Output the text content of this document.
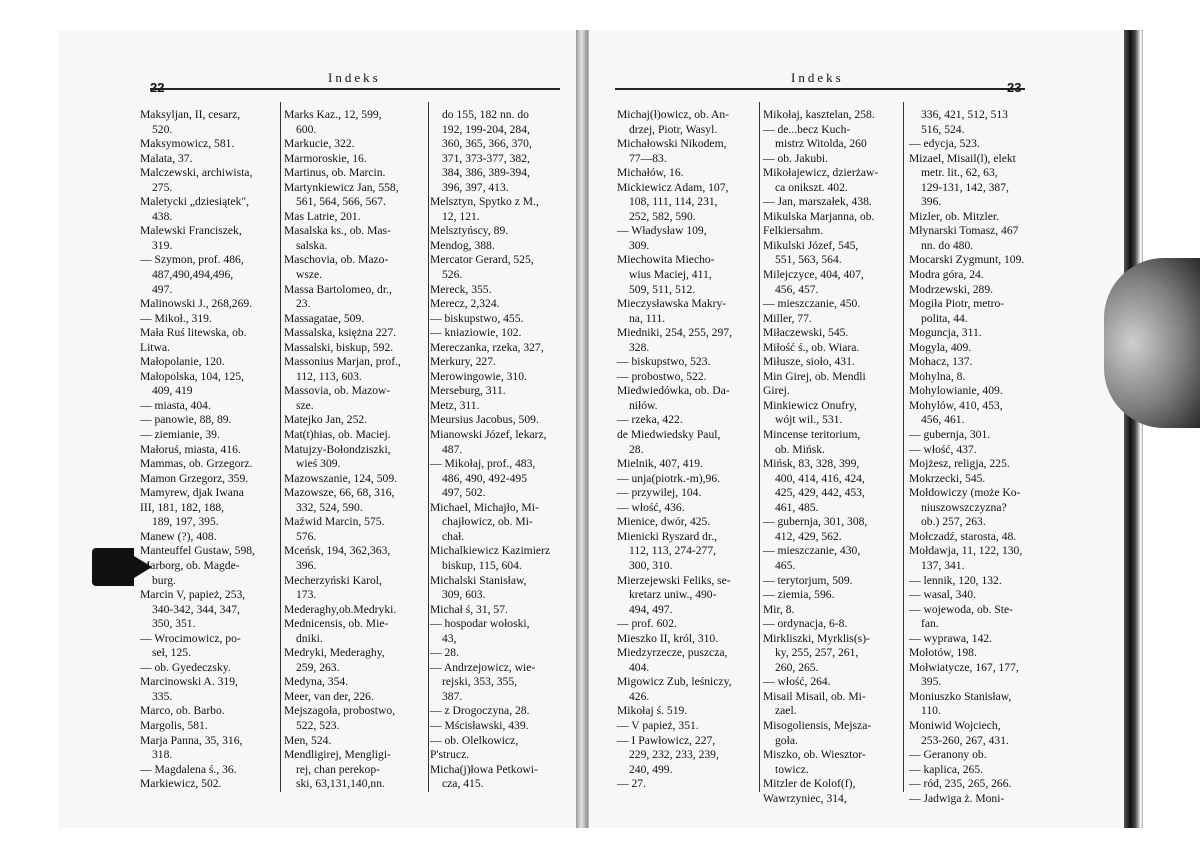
22
Indeks
Maksyljan, II, cesarz,
520.
Maksymowicz, 581.
Malata, 37.
Malczewski, archiwista,
275.
Maletycki „dziesiątek",
438.
Malewski Franciszek,
319.
— Szymon, prof. 486,
487,490,494,496,
497.
Malinowski J., 268,269.
— Mikoł., 319.
Mała Ruś litewska, ob.
Litwa.
Małopolanie, 120.
Małopolska, 104, 125,
409, 419
— miasta, 404.
— panowie, 88, 89.
— ziemianie, 39.
Małoruś, miasta, 416.
Mammas, ob. Grzegorz.
Mamon Grzegorz, 359.
Mamyrew, djak Iwana
III, 181, 182, 188,
189, 197, 395.
Manew (?), 408.
Manteuffel Gustaw, 598,
Marborg, ob. Magde-
burg.
Marcin V, papież, 253,
340-342, 344, 347,
350, 351.
— Wrocimowicz, po-
seł, 125.
— ob. Gyedeczsky.
Marcinowski A. 319,
335.
Marco, ob. Barbo.
Margolis, 581.
Marja Panna, 35, 316,
318.
— Magdalena ś., 36.
Markiewicz, 502.
Marks Kaz., 12, 599,
600.
Markucie, 322.
Marmoroskie, 16.
Martinus, ob. Marcin.
Martynkiewicz Jan, 558,
561, 564, 566, 567.
Mas Latrie, 201.
Masalska ks., ob. Mas-
salska.
Maschovia, ob. Mazo-
wsze.
Massa Bartolomeo, dr.,
23.
Massagatae, 509.
Massalska, księżna 227.
Massalski, biskup, 592.
Massonius Marjan, prof.,
112, 113, 603.
Massovia, ob. Mazow-
sze.
Matejko Jan, 252.
Mat(t)hias, ob. Maciej.
Matujzy-Bołondziszki,
wieś 309.
Mazowszanie, 124, 509.
Mazowsze, 66, 68, 316,
332, 524, 590.
Maźwid Marcin, 575.
576.
Mceńsk, 194, 362,363,
396.
Mecherzyński Karol,
173.
Mederaghy,ob.Medryki.
Mednicensis, ob. Mie-
dniki.
Medryki, Mederaghy,
259, 263.
Medyna, 354.
Meer, van der, 226.
Mejszagoła, probostwo,
522, 523.
Men, 524.
Mendligirej, Mengligi-
rej, chan perekop-
ski, 63,131,140,nn.
do 155, 182 nn. do
192, 199-204, 284,
360, 365, 366, 370,
371, 373-377, 382,
384, 386, 389-394,
396, 397, 413.
Melsztyn, Spytko z M.,
12, 121.
Melsztyńscy, 89.
Mendog, 388.
Mercator Gerard, 525,
526.
Mereck, 355.
Merecz, 2,324.
— biskupstwo, 455.
— kniaziowie, 102.
Mereczanka, rzeka, 327,
Merkury, 227.
Merowingowie, 310.
Merseburg, 311.
Metz, 311.
Meursius Jacobus, 509.
Mianowski Józef, lekarz,
487.
— Mikołaj, prof., 483,
486, 490, 492-495
497, 502.
Michael, Michajło, Mi-
chajłowicz, ob. Mi-
chał.
Michalkiewicz Kazimierz
biskup, 115, 604.
Michalski Stanisław,
309, 603.
Michał ś, 31, 57.
— hospodar wołoski,
43,
— 28.
— Andrzejowicz, wie-
rejski, 353, 355,
387.
— z Drogoczyna, 28.
— Mścisławski, 439.
— ob. Olelkowicz,
P'strucz.
Micha(j)łowa Petkowi-
cza, 415.
Indeks
23
Michaj(ł)owicz, ob. An-
drzej, Piotr, Wasyl.
Michałowski Nikodem,
77—83.
Michałów, 16.
Mickiewicz Adam, 107,
108, 111, 114, 231,
252, 582, 590.
— Władysław 109,
309.
Miechowita Miecho-
wius Maciej, 411,
509, 511, 512.
Mieczysławska Makry-
na, 111.
Miedniki, 254, 255, 297,
328.
— biskupstwo, 523.
— probostwo, 522.
Miedwiedówka, ob. Da-
niłów.
— rzeka, 422.
de Miedwiedsky Paul,
28.
Mielnik, 407, 419.
— unja(piotrk.-m),96.
— przywilej, 104.
— włość, 436.
Mienice, dwór, 425.
Mienicki Ryszard dr.,
112, 113, 274-277,
300, 310.
Mierzejewski Feliks, se-
kretarz uniw., 490-
494, 497.
— prof. 602.
Mieszko II, król, 310.
Miedzyrzecze, puszcza,
404.
Migowicz Zub, leśniczy,
426.
Mikołaj ś. 519.
— V papież, 351.
— I Pawłowicz, 227,
229, 232, 233, 239,
240, 499.
— 27.
Mikołaj, kasztelan, 258.
— de...becz Kuch-
mistrz Witolda, 260
— ob. Jakubi.
Mikołajewicz, dzierżaw-
ca onikszt. 402.
— Jan, marszałek, 438.
Mikulska Marjanna, ob.
Felkiersahm.
Mikulski Józef, 545,
551, 563, 564.
Milejczyce, 404, 407,
456, 457.
— mieszczanie, 450.
Miller, 77.
Miłaczewski, 545.
Miłość ś., ob. Wiara.
Miłusze, sioło, 431.
Min Girej, ob. Mendli
Girej.
Minkiewicz Onufry,
wójt wil., 531.
Mincense teritorium,
ob. Mińsk.
Mińsk, 83, 328, 399,
400, 414, 416, 424,
425, 429, 442, 453,
461, 485.
— gubernja, 301, 308,
412, 429, 562.
— mieszczanie, 430,
465.
— terytorjum, 509.
— ziemia, 596.
Mir, 8.
— ordynacja, 6-8.
Mirkliszki, Myrklis(s)-
ky, 255, 257, 261,
260, 265.
— włość, 264.
Misail Misail, ob. Mi-
zael.
Misogoliensis, Mejsza-
goła.
Miszko, ob. Wiesztor-
towicz.
Mitzler de Kolof(f),
Wawrzyniec, 314,
336, 421, 512, 513
516, 524.
— edycja, 523.
Mizael, Misail(l), elekt
metr. lit., 62, 63,
129-131, 142, 387,
396.
Mizler, ob. Mitzler.
Młynarski Tomasz, 467
nn. do 480.
Mocarski Zygmunt, 109.
Modra góra, 24.
Modrzewski, 289.
Mogiła Piotr, metro-
polita, 44.
Moguncja, 311.
Mogyla, 409.
Mohacz, 137.
Mohylna, 8.
Mohylowianie, 409.
Mohylów, 410, 453,
456, 461.
— gubernja, 301.
— włość, 437.
Mojżesz, religja, 225.
Mokrzecki, 545.
Mołdowiczy (może Ko-
niuszowszczyzna?
ob.) 257, 263.
Mołczadź, starosta, 48.
Mołdawja, 11, 122, 130,
137, 341.
— lennik, 120, 132.
— wasal, 340.
— wojewoda, ob. Ste-
fan.
— wyprawa, 142.
Mołotów, 198.
Mołwiatycze, 167, 177,
395.
Moniuszko Stanisław,
110.
Moniwid Wojciech,
253-260, 267, 431.
— Geranony ob.
— kaplica, 265.
— ród, 235, 265, 266.
— Jadwiga ż. Moni-
